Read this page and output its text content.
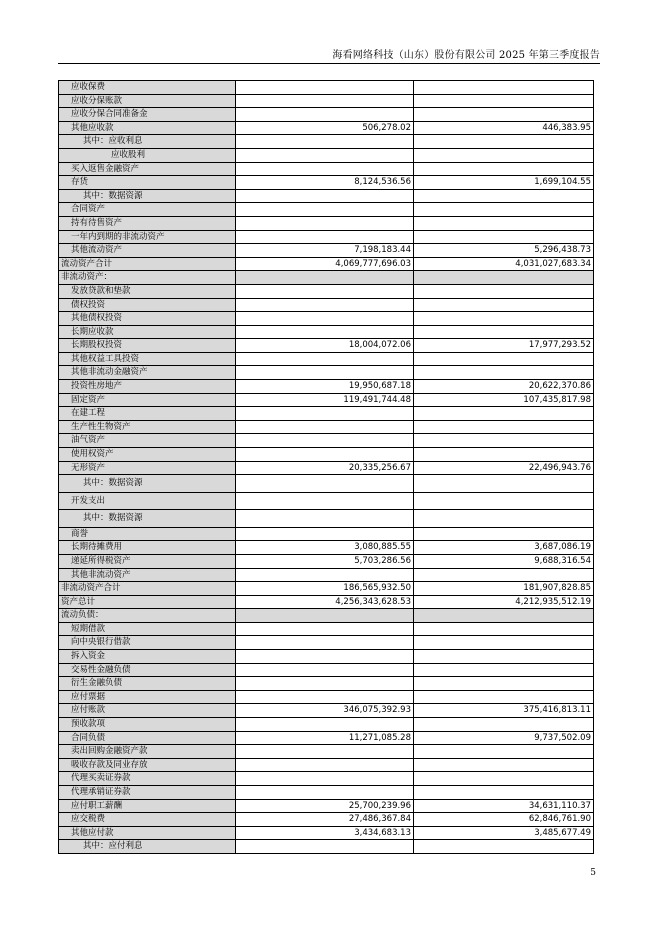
海看网络科技（山东）股份有限公司 2025 年第三季度报告
应收保费		
应收分保账款		
应收分保合同准备金		
其他应收款	506,278.02	446,383.95
其中：应收利息		
应收股利		
买入返售金融资产		
存货	8,124,536.56	1,699,104.55
其中：数据资源		
合同资产		
持有待售资产		
一年内到期的非流动资产		
其他流动资产	7,198,183.44	5,296,438.73
流动资产合计	4,069,777,696.03	4,031,027,683.34
非流动资产：		
发放贷款和垫款		
债权投资		
其他债权投资		
长期应收款		
长期股权投资	18,004,072.06	17,977,293.52
其他权益工具投资		
其他非流动金融资产		
投资性房地产	19,950,687.18	20,622,370.86
固定资产	119,491,744.48	107,435,817.98
在建工程		
生产性生物资产		
油气资产		
使用权资产		
无形资产	20,335,256.67	22,496,943.76
其中：数据资源		
开发支出		
其中：数据资源		
商誉		
长期待摊费用	3,080,885.55	3,687,086.19
递延所得税资产	5,703,286.56	9,688,316.54
其他非流动资产		
非流动资产合计	186,565,932.50	181,907,828.85
资产总计	4,256,343,628.53	4,212,935,512.19
流动负债：		
短期借款		
向中央银行借款		
拆入资金		
交易性金融负债		
衍生金融负债		
应付票据		
应付账款	346,075,392.93	375,416,813.11
预收款项		
合同负债	11,271,085.28	9,737,502.09
卖出回购金融资产款		
吸收存款及同业存放		
代理买卖证券款		
代理承销证券款		
应付职工薪酬	25,700,239.96	34,631,110.37
应交税费	27,486,367.84	62,846,761.90
其他应付款	3,434,683.13	3,485,677.49
其中：应付利息		
5
